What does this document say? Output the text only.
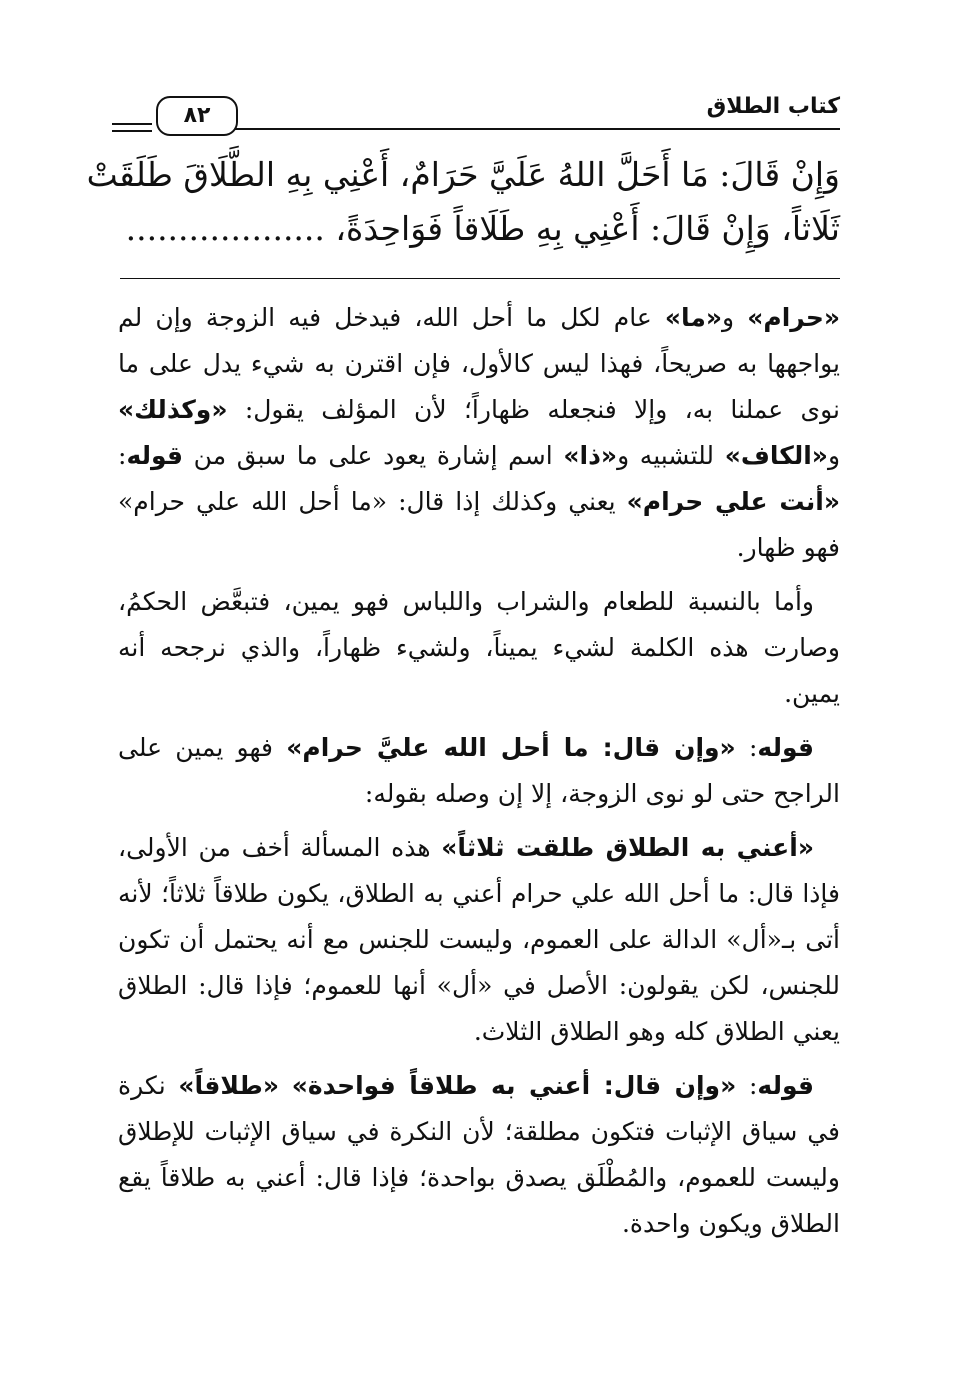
٨٢	كتاب الطلاق
وَإِنْ قَالَ: مَا أَحَلَّ اللهُ عَلَيَّ حَرَامٌ، أَعْنِي بِهِ الطَّلَاقَ طَلَقَتْ
ثَلَاثاً، وَإِنْ قَالَ: أَعْنِي بِهِ طَلَاقاً فَوَاحِدَةً، ...................

«حرام» و«ما» عام لكل ما أحل الله، فيدخل فيه الزوجة وإن لم يواجهها به صريحاً، فهذا ليس كالأول، فإن اقترن به شيء يدل على ما نوى عملنا به، وإلا فنجعله ظهاراً؛ لأن المؤلف يقول: «وكذلك» و«الكاف» للتشبيه و«ذا» اسم إشارة يعود على ما سبق من قوله: «أنت علي حرام» يعني وكذلك إذا قال: «ما أحل الله علي حرام» فهو ظهار.

وأما بالنسبة للطعام والشراب واللباس فهو يمين، فتبعَّض الحكمُ، وصارت هذه الكلمة لشيء يميناً، ولشيء ظهاراً، والذي نرجحه أنه يمين.

قوله: «وإن قال: ما أحل الله عليَّ حرام» فهو يمين على الراجح حتى لو نوى الزوجة، إلا إن وصله بقوله:

«أعني به الطلاق طلقت ثلاثاً» هذه المسألة أخف من الأولى، فإذا قال: ما أحل الله علي حرام أعني به الطلاق، يكون طلاقاً ثلاثاً؛ لأنه أتى بـ«أل» الدالة على العموم، وليست للجنس مع أنه يحتمل أن تكون للجنس، لكن يقولون: الأصل في «أل» أنها للعموم؛ فإذا قال: الطلاق يعني الطلاق كله وهو الطلاق الثلاث.

قوله: «وإن قال: أعني به طلاقاً فواحدة» «طلاقاً» نكرة في سياق الإثبات فتكون مطلقة؛ لأن النكرة في سياق الإثبات للإطلاق وليست للعموم، والمُطْلَق يصدق بواحدة؛ فإذا قال: أعني به طلاقاً يقع الطلاق ويكون واحدة.
